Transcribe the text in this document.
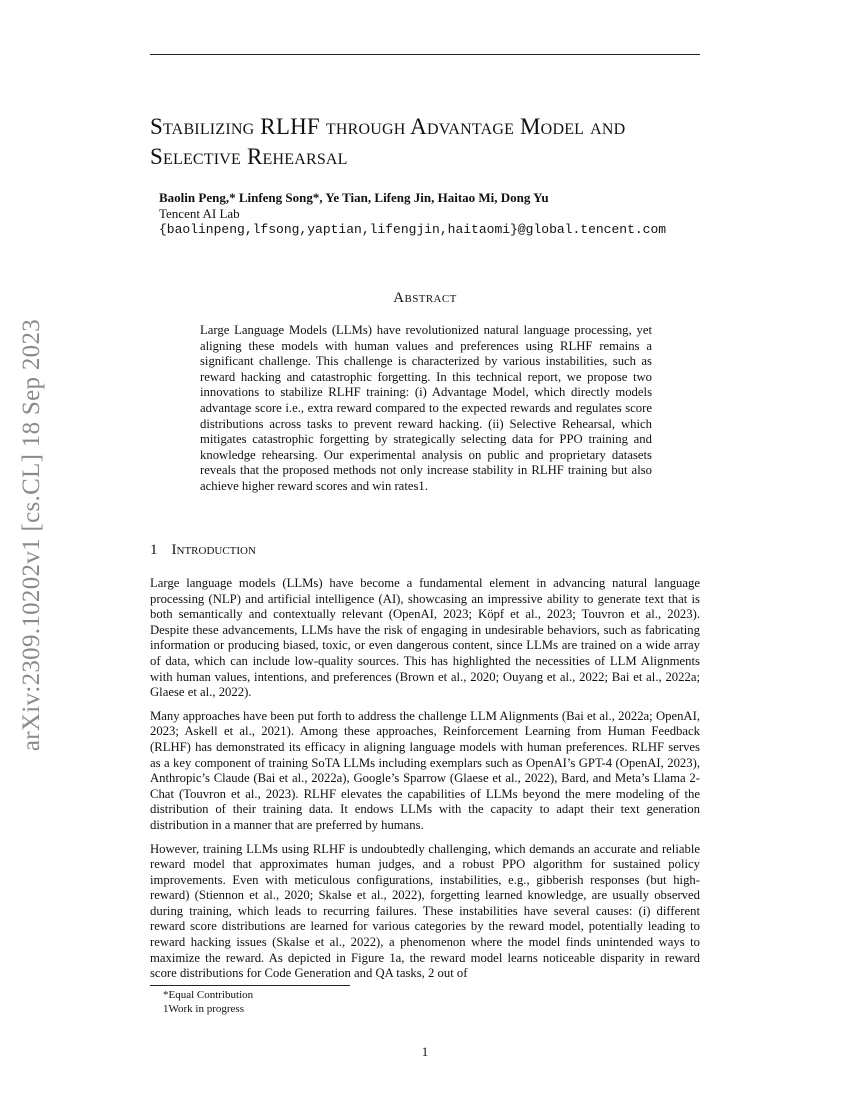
arXiv:2309.10202v1 [cs.CL] 18 Sep 2023
Stabilizing RLHF through Advantage Model and Selective Rehearsal
Baolin Peng,* Linfeng Song*, Ye Tian, Lifeng Jin, Haitao Mi, Dong Yu
Tencent AI Lab
{baolinpeng,lfsong,yaptian,lifengjin,haitaomi}@global.tencent.com
Abstract
Large Language Models (LLMs) have revolutionized natural language processing, yet aligning these models with human values and preferences using RLHF remains a significant challenge. This challenge is characterized by various instabilities, such as reward hacking and catastrophic forgetting. In this technical report, we propose two innovations to stabilize RLHF training: (i) Advantage Model, which directly models advantage score i.e., extra reward compared to the expected rewards and regulates score distributions across tasks to prevent reward hacking. (ii) Selective Rehearsal, which mitigates catastrophic forgetting by strategically selecting data for PPO training and knowledge rehearsing. Our experimental analysis on public and proprietary datasets reveals that the proposed methods not only increase stability in RLHF training but also achieve higher reward scores and win rates1.
1 Introduction

Large language models (LLMs) have become a fundamental element in advancing natural language processing (NLP) and artificial intelligence (AI), showcasing an impressive ability to generate text that is both semantically and contextually relevant (OpenAI, 2023; Köpf et al., 2023; Touvron et al., 2023). Despite these advancements, LLMs have the risk of engaging in undesirable behaviors, such as fabricating information or producing biased, toxic, or even dangerous content, since LLMs are trained on a wide array of data, which can include low-quality sources. This has highlighted the necessities of LLM Alignments with human values, intentions, and preferences (Brown et al., 2020; Ouyang et al., 2022; Bai et al., 2022a; Glaese et al., 2022).

Many approaches have been put forth to address the challenge LLM Alignments (Bai et al., 2022a; OpenAI, 2023; Askell et al., 2021). Among these approaches, Reinforcement Learning from Human Feedback (RLHF) has demonstrated its efficacy in aligning language models with human preferences. RLHF serves as a key component of training SoTA LLMs including exemplars such as OpenAI’s GPT-4 (OpenAI, 2023), Anthropic’s Claude (Bai et al., 2022a), Google’s Sparrow (Glaese et al., 2022), Bard, and Meta’s Llama 2-Chat (Touvron et al., 2023). RLHF elevates the capabilities of LLMs beyond the mere modeling of the distribution of their training data. It endows LLMs with the capacity to adapt their text generation distribution in a manner that are preferred by humans.

However, training LLMs using RLHF is undoubtedly challenging, which demands an accurate and reliable reward model that approximates human judges, and a robust PPO algorithm for sustained policy improvements. Even with meticulous configurations, instabilities, e.g., gibberish responses (but high-reward) (Stiennon et al., 2020; Skalse et al., 2022), forgetting learned knowledge, are usually observed during training, which leads to recurring failures. These instabilities have several causes: (i) different reward score distributions are learned for various categories by the reward model, potentially leading to reward hacking issues (Skalse et al., 2022), a phenomenon where the model finds unintended ways to maximize the reward. As depicted in Figure 1a, the reward model learns noticeable disparity in reward score distributions for Code Generation and QA tasks, 2 out of

*Equal Contribution
1Work in progress
1
